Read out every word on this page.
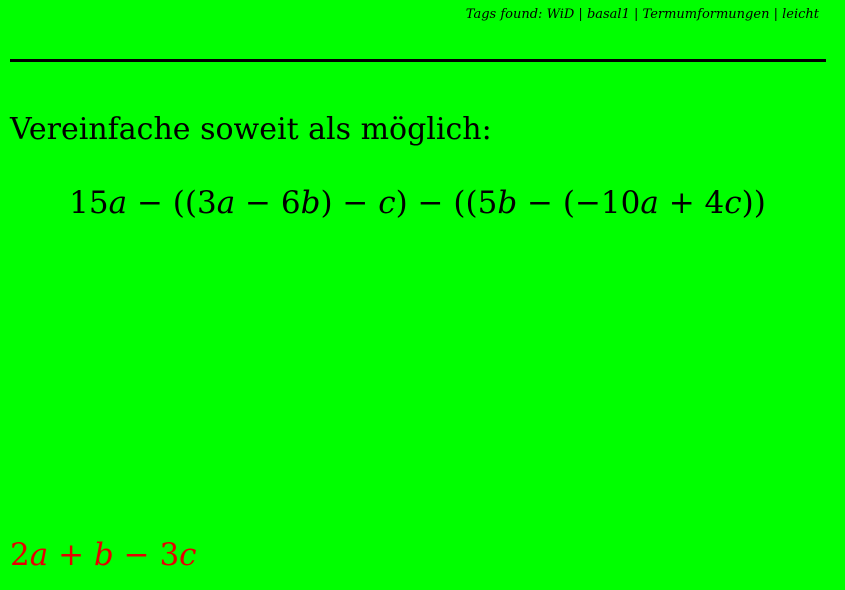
Tags found: WiD | basal1 | Termumformungen | leicht
Vereinfache soweit als möglich:
15a − ((3a − 6b) − c) − ((5b − (−10a + 4c))
2a + b − 3c
